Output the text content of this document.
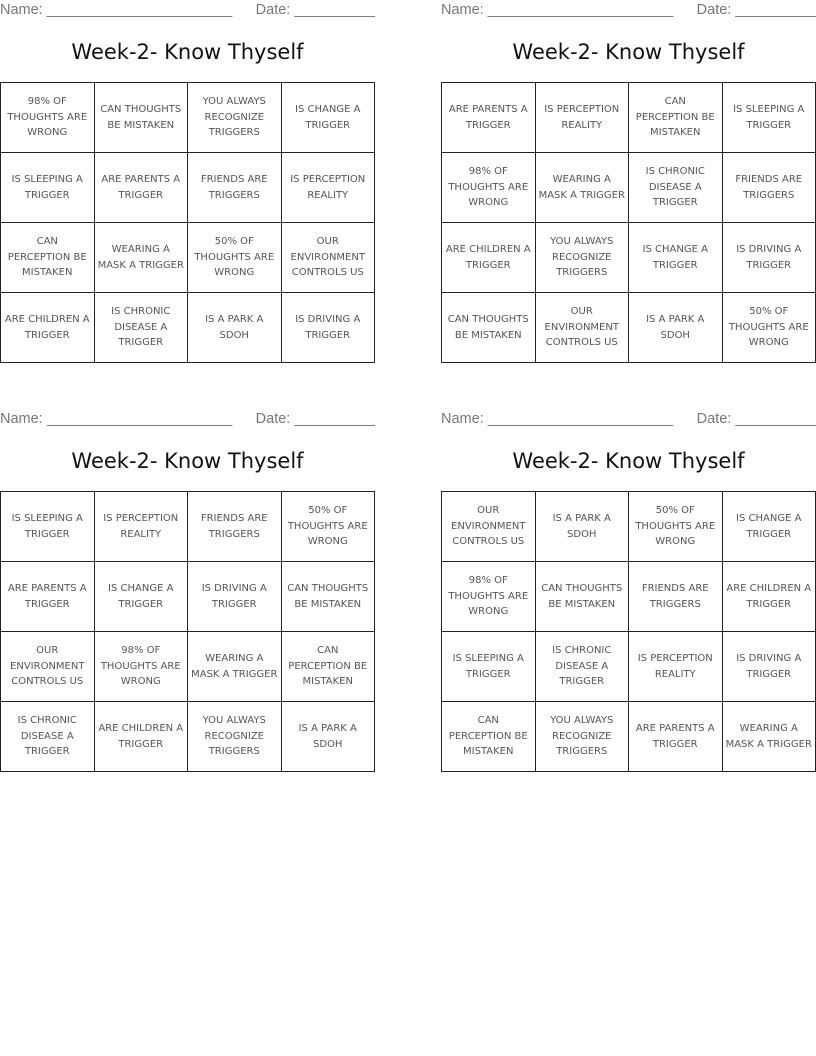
Name: _______________________ Date: __________
Week-2- Know Thyself
98% OF THOUGHTS ARE WRONG	CAN THOUGHTS BE MISTAKEN	YOU ALWAYS RECOGNIZE TRIGGERS	IS CHANGE A TRIGGER
IS SLEEPING A TRIGGER	ARE PARENTS A TRIGGER	FRIENDS ARE TRIGGERS	IS PERCEPTION REALITY
CAN PERCEPTION BE MISTAKEN	WEARING A MASK A TRIGGER	50% OF THOUGHTS ARE WRONG	OUR ENVIRONMENT CONTROLS US
ARE CHILDREN A TRIGGER	IS CHRONIC DISEASE A TRIGGER	IS A PARK A SDOH	IS DRIVING A TRIGGER
Name: _______________________ Date: __________
Week-2- Know Thyself
ARE PARENTS A TRIGGER	IS PERCEPTION REALITY	CAN PERCEPTION BE MISTAKEN	IS SLEEPING A TRIGGER
98% OF THOUGHTS ARE WRONG	WEARING A MASK A TRIGGER	IS CHRONIC DISEASE A TRIGGER	FRIENDS ARE TRIGGERS
ARE CHILDREN A TRIGGER	YOU ALWAYS RECOGNIZE TRIGGERS	IS CHANGE A TRIGGER	IS DRIVING A TRIGGER
CAN THOUGHTS BE MISTAKEN	OUR ENVIRONMENT CONTROLS US	IS A PARK A SDOH	50% OF THOUGHTS ARE WRONG
Name: _______________________ Date: __________
Week-2- Know Thyself
IS SLEEPING A TRIGGER	IS PERCEPTION REALITY	FRIENDS ARE TRIGGERS	50% OF THOUGHTS ARE WRONG
ARE PARENTS A TRIGGER	IS CHANGE A TRIGGER	IS DRIVING A TRIGGER	CAN THOUGHTS BE MISTAKEN
OUR ENVIRONMENT CONTROLS US	98% OF THOUGHTS ARE WRONG	WEARING A MASK A TRIGGER	CAN PERCEPTION BE MISTAKEN
IS CHRONIC DISEASE A TRIGGER	ARE CHILDREN A TRIGGER	YOU ALWAYS RECOGNIZE TRIGGERS	IS A PARK A SDOH
Name: _______________________ Date: __________
Week-2- Know Thyself
OUR ENVIRONMENT CONTROLS US	IS A PARK A SDOH	50% OF THOUGHTS ARE WRONG	IS CHANGE A TRIGGER
98% OF THOUGHTS ARE WRONG	CAN THOUGHTS BE MISTAKEN	FRIENDS ARE TRIGGERS	ARE CHILDREN A TRIGGER
IS SLEEPING A TRIGGER	IS CHRONIC DISEASE A TRIGGER	IS PERCEPTION REALITY	IS DRIVING A TRIGGER
CAN PERCEPTION BE MISTAKEN	YOU ALWAYS RECOGNIZE TRIGGERS	ARE PARENTS A TRIGGER	WEARING A MASK A TRIGGER
